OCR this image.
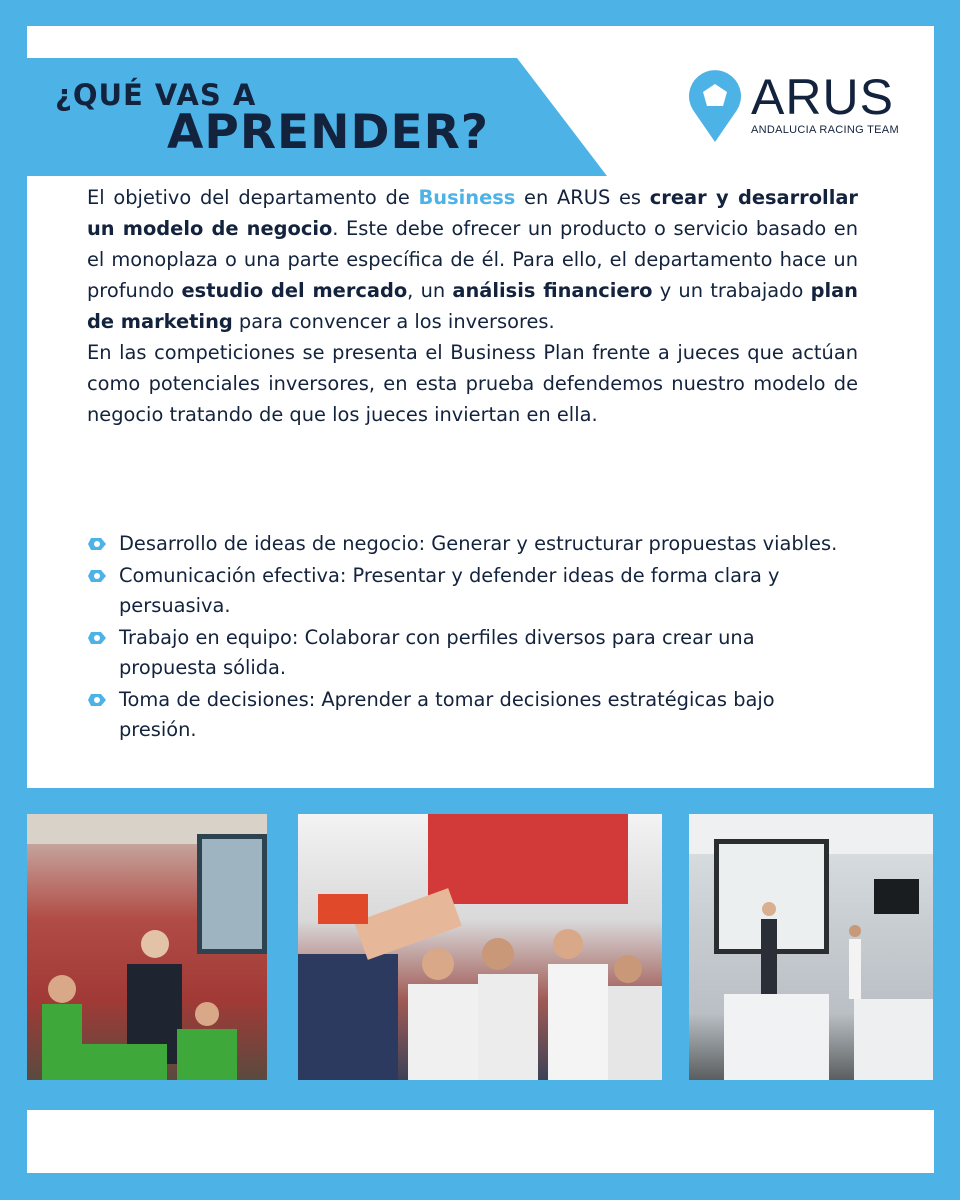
¿QUÉ VAS A
APRENDER?
ARUS
ANDALUCIA RACING TEAM

El objetivo del departamento de Business en ARUS es crear y desarrollar un modelo de negocio. Este debe ofrecer un producto o servicio basado en el monoplaza o una parte específica de él. Para ello, el departamento hace un profundo estudio del mercado, un análisis financiero y un trabajado plan de marketing para convencer a los inversores.

En las competiciones se presenta el Business Plan frente a jueces que actúan como potenciales inversores, en esta prueba defendemos nuestro modelo de negocio tratando de que los jueces inviertan en ella.

Desarrollo de ideas de negocio: Generar y estructurar propuestas viables.
Comunicación efectiva: Presentar y defender ideas de forma clara y persuasiva.
Trabajo en equipo: Colaborar con perfiles diversos para crear una propuesta sólida.
Toma de decisiones: Aprender a tomar decisiones estratégicas bajo presión.
